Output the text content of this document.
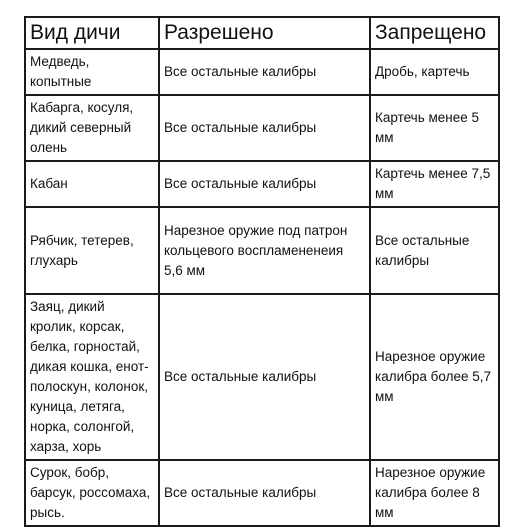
Вид дичи	Разрешено	Запрещено
Медведь, копытные	Все остальные калибры	Дробь, картечь
Кабарга, косуля, дикий северный олень	Все остальные калибры	Картечь менее 5 мм
Кабан	Все остальные калибры	Картечь менее 7,5 мм
Рябчик, тетерев, глухарь	Нарезное оружие под патрон кольцевого воспламененеия 5,6 мм	Все остальные калибры
Заяц, дикий кролик, корсак, белка, горностай, дикая кошка, енот-полоскун, колонок, куница, летяга, норка, солонгой, харза, хорь	Все остальные калибры	Нарезное оружие калибра более 5,7 мм
Сурок, бобр, барсук, россомаха, рысь.	Все остальные калибры	Нарезное оружие калибра более 8 мм
